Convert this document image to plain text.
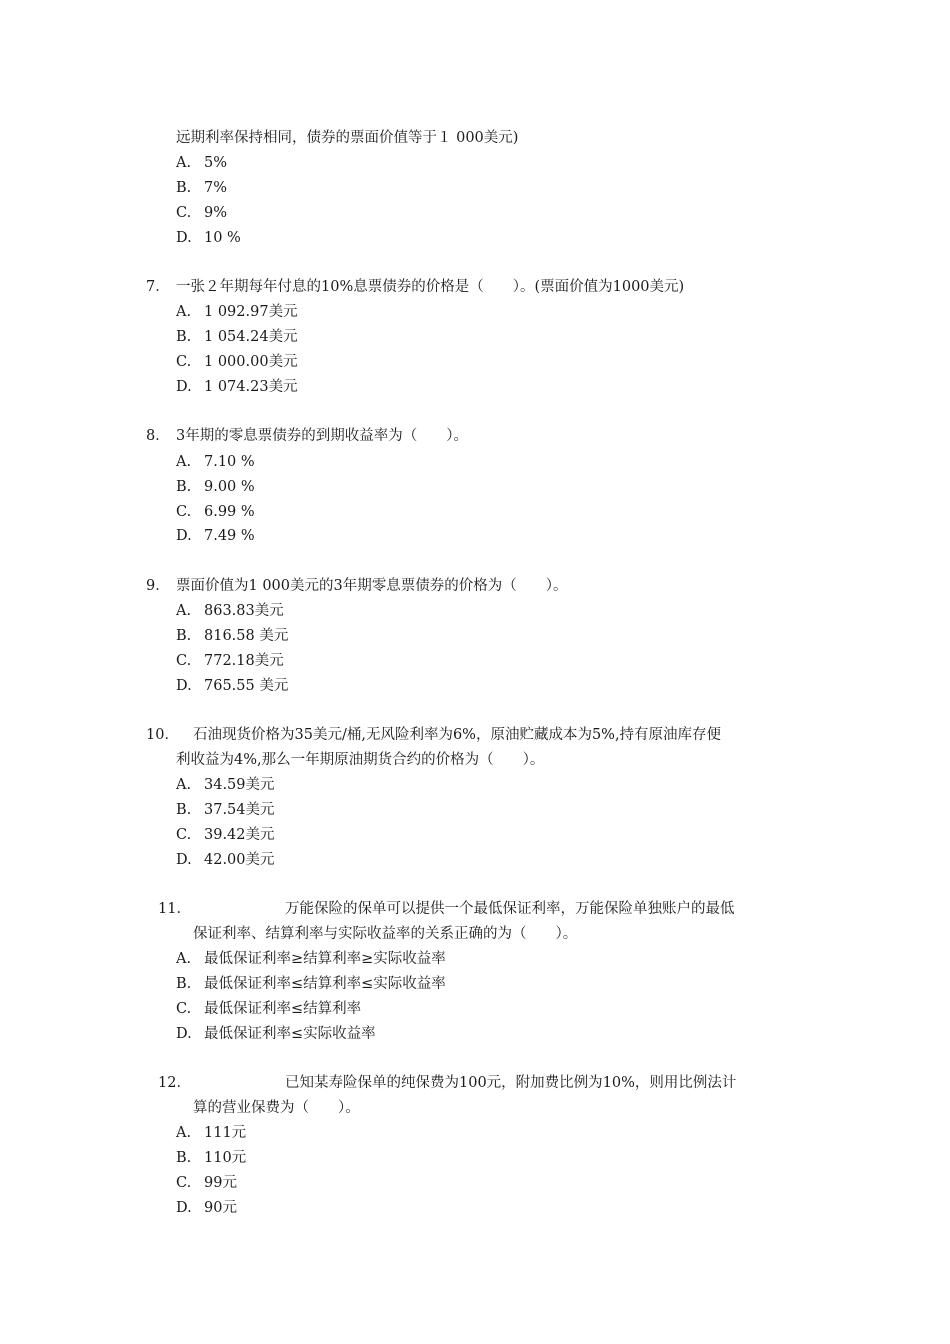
远期利率保持相同，债券的票面价值等于１ 000美元)
A. 5%
B. 7%
C. 9%
D. 10 %
7． 一张２年期每年付息的10%息票债券的价格是（　　）。(票面价值为1000美元)
A. 1 092.97美元
B. 1 054.24美元
C. 1 000.00美元
D. 1 074.23美元
8． 3年期的零息票债券的到期收益率为（　　）。
A. 7.10 %
B. 9.00 %
C. 6.99 %
D. 7.49 %
9． 票面价值为1 000美元的3年期零息票债券的价格为（　　）。
A. 863.83美元
B. 816.58 美元
C. 772.18美元
D. 765.55 美元
10． 石油现货价格为35美元/桶,无风险利率为6%，原油贮藏成本为5%,持有原油库存便
利收益为4%,那么一年期原油期货合约的价格为（　　）。
A. 34.59美元
B. 37.54美元
C. 39.42美元
D. 42.00美元
11．	万能保险的保单可以提供一个最低保证利率，万能保险单独账户的最低
保证利率、结算利率与实际收益率的关系正确的为（　　）。
A. 最低保证利率≥结算利率≥实际收益率
B. 最低保证利率≤结算利率≤实际收益率
C. 最低保证利率≤结算利率
D. 最低保证利率≤实际收益率
12．	已知某寿险保单的纯保费为100元，附加费比例为10%，则用比例法计
算的营业保费为（　　）。
A. 111元
B. 110元
C. 99元
D. 90元
